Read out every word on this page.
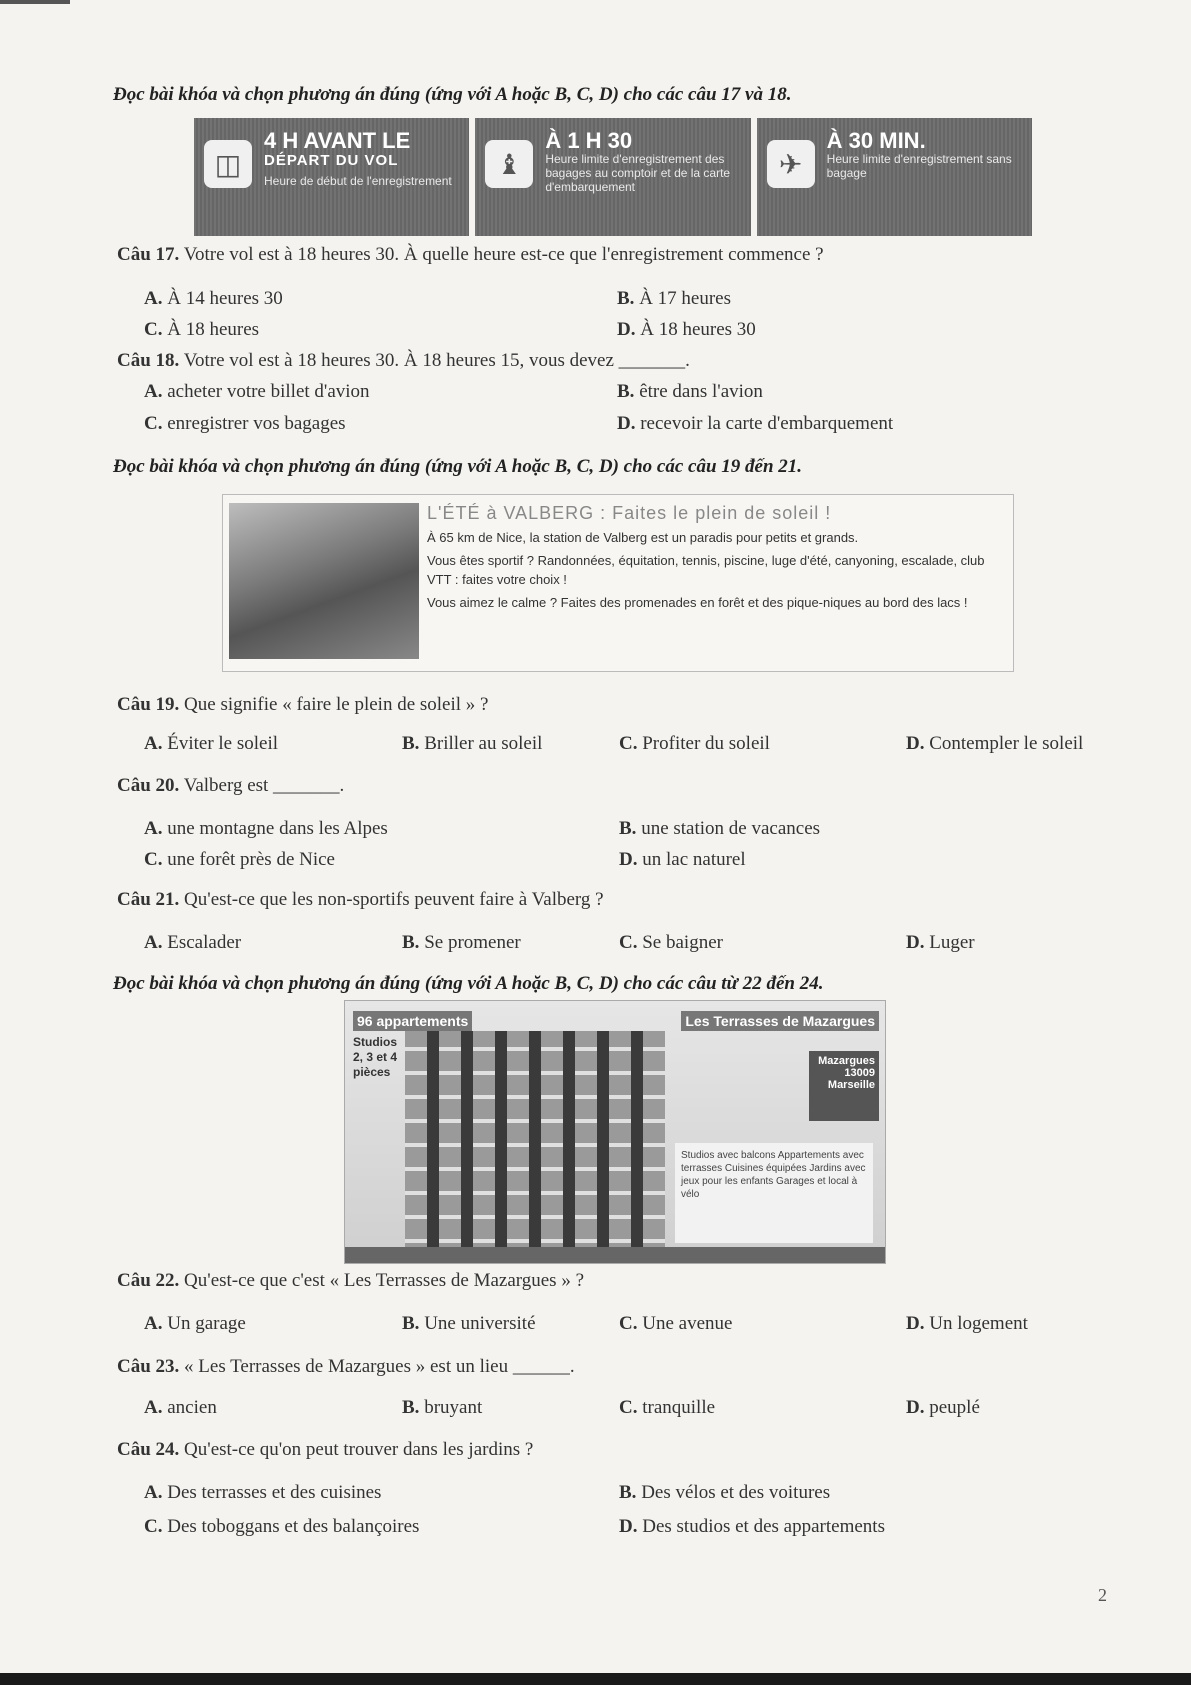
Đọc bài khóa và chọn phương án đúng (ứng với A hoặc B, C, D) cho các câu 17 và 18.
◫
4 H AVANT LE
DÉPART DU VOL
Heure de début de l'enregistrement
♝
À 1 H 30
Heure limite d'enregistrement des bagages au comptoir et de la carte d'embarquement
✈
À 30 MIN.
Heure limite d'enregistrement sans bagage
Câu 17. Votre vol est à 18 heures 30. À quelle heure est-ce que l'enregistrement commence ?
A. À 14 heures 30	B. À 17 heures
C. À 18 heures	D. À 18 heures 30
Câu 18. Votre vol est à 18 heures 30. À 18 heures 15, vous devez _______.
A. acheter votre billet d'avion	B. être dans l'avion
C. enregistrer vos bagages	D. recevoir la carte d'embarquement
Đọc bài khóa và chọn phương án đúng (ứng với A hoặc B, C, D) cho các câu 19 đến 21.
L'ÉTÉ à VALBERG : Faites le plein de soleil !
À 65 km de Nice, la station de Valberg est un paradis pour petits et grands.
Vous êtes sportif ? Randonnées, équitation, tennis, piscine, luge d'été, canyoning, escalade, club VTT : faites votre choix !
Vous aimez le calme ? Faites des promenades en forêt et des pique-niques au bord des lacs !
Câu 19. Que signifie « faire le plein de soleil » ?
A. Éviter le soleil	B. Briller au soleil	C. Profiter du soleil	D. Contempler le soleil
Câu 20. Valberg est _______.
A. une montagne dans les Alpes	B. une station de vacances
C. une forêt près de Nice	D. un lac naturel
Câu 21. Qu'est-ce que les non-sportifs peuvent faire à Valberg ?
A. Escalader	B. Se promener	C. Se baigner	D. Luger
Đọc bài khóa và chọn phương án đúng (ứng với A hoặc B, C, D) cho các câu từ 22 đến 24.
96 appartements
Studios 2, 3 et 4 pièces
Les Terrasses de Mazargues
Mazargues 13009 Marseille
Studios avec balcons Appartements avec terrasses Cuisines équipées Jardins avec jeux pour les enfants Garages et local à vélo
Câu 22. Qu'est-ce que c'est « Les Terrasses de Mazargues » ?
A. Un garage	B. Une université	C. Une avenue	D. Un logement
Câu 23. « Les Terrasses de Mazargues » est un lieu ______.
A. ancien	B. bruyant	C. tranquille	D. peuplé
Câu 24. Qu'est-ce qu'on peut trouver dans les jardins ?
A. Des terrasses et des cuisines	B. Des vélos et des voitures
C. Des toboggans et des balançoires	D. Des studios et des appartements
2
